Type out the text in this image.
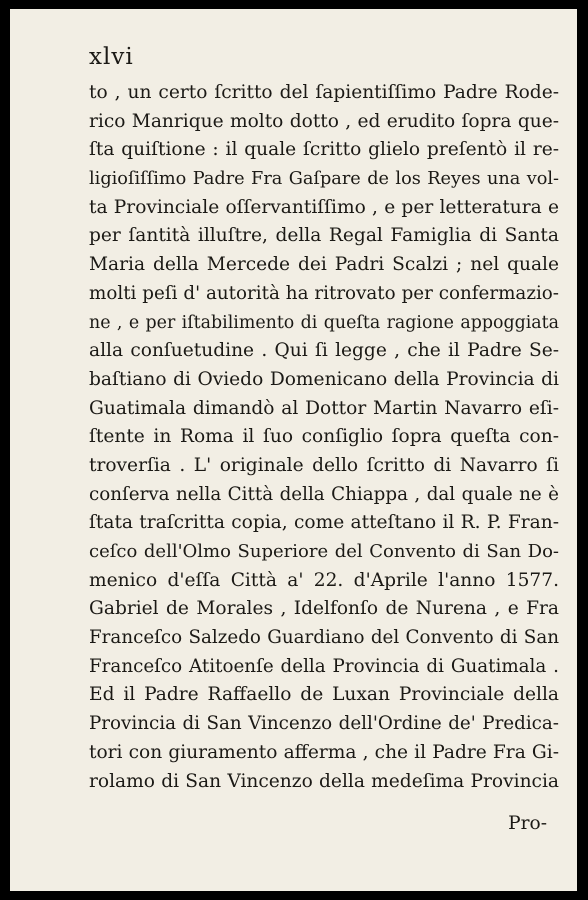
xlvi
to , un certo ſcritto del ſapientiſſimo Padre Rode-
rico Manrique molto dotto , ed erudito ſopra que-
ſta quiſtione : il quale ſcritto glielo preſentò il re-
ligioſiſſimo Padre Fra Gaſpare de los Reyes una vol-
ta Provinciale oſſervantiſſimo , e per letteratura e
per ſantità illuſtre, della Regal Famiglia di Santa
Maria della Mercede dei Padri Scalzi ; nel quale
molti peſi d' autorità ha ritrovato per confermazio-
ne , e per iſtabilimento di queſta ragione appoggiata
alla conſuetudine . Qui ſi legge , che il Padre Se-
baſtiano di Oviedo Domenicano della Provincia di
Guatimala dimandò al Dottor Martin Navarro eſi-
ſtente in Roma il ſuo conſiglio ſopra queſta con-
troverſia . L' originale dello ſcritto di Navarro ſi
conſerva nella Città della Chiappa , dal quale ne è
ſtata traſcritta copia, come atteſtano il R. P. Fran-
ceſco dell'Olmo Superiore del Convento di San Do-
menico d'eſſa Città a' 22. d'Aprile l'anno 1577.
Gabriel de Morales , Idelfonſo de Nurena , e Fra
Franceſco Salzedo Guardiano del Convento di San
Franceſco Atitoenſe della Provincia di Guatimala .
Ed il Padre Raffaello de Luxan Provinciale della
Provincia di San Vincenzo dell'Ordine de' Predica-
tori con giuramento afferma , che il Padre Fra Gi-
rolamo di San Vincenzo della medeſima Provincia
Pro-
